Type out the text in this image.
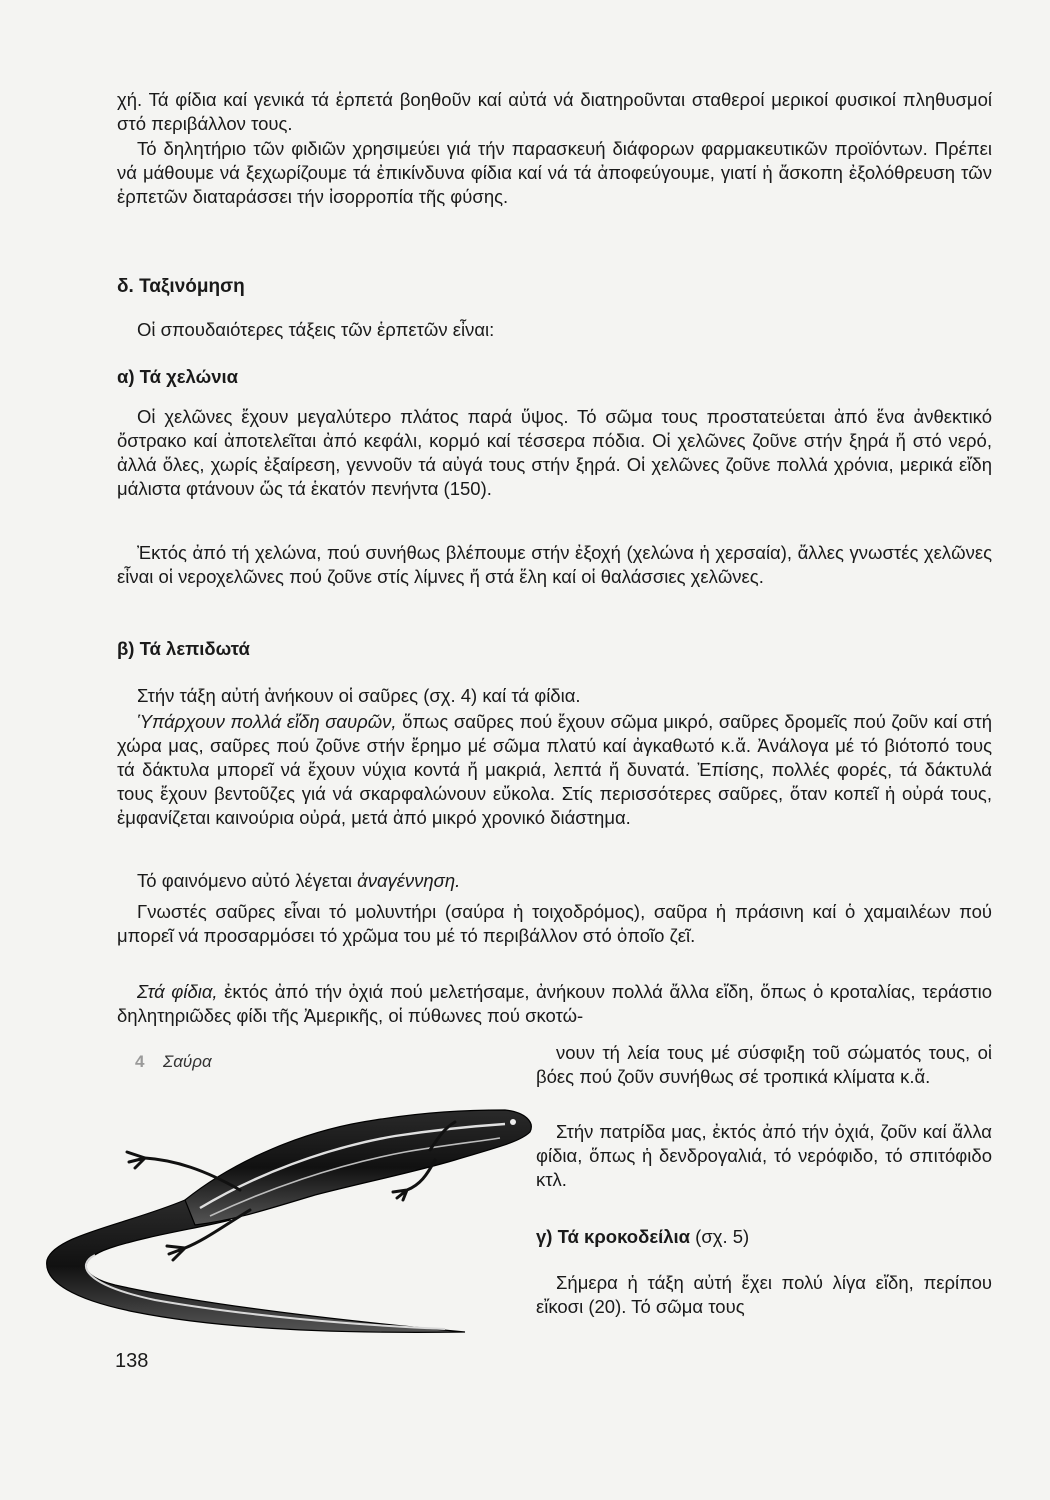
χή. Τά φίδια καί γενικά τά ἑρπετά βοηθοῦν καί αὐτά νά διατηροῦνται σταθεροί μερικοί φυσικοί πληθυσμοί στό περιβάλλον τους.

Τό δηλητήριο τῶν φιδιῶν χρησιμεύει γιά τήν παρασκευή διάφορων φαρμακευτικῶν προϊόντων. Πρέπει νά μάθουμε νά ξεχωρίζουμε τά ἐπικίνδυνα φίδια καί νά τά ἀποφεύγουμε, γιατί ἡ ἄσκοπη ἐξολόθρευση τῶν ἑρπετῶν διαταράσσει τήν ἰσορροπία τῆς φύσης.

δ. Ταξινόμηση

Οἱ σπουδαιότερες τάξεις τῶν ἑρπετῶν εἶναι:

α) Τά χελώνια

Οἱ χελῶνες ἔχουν μεγαλύτερο πλάτος παρά ὕψος. Τό σῶμα τους προστατεύεται ἀπό ἕνα ἀνθεκτικό ὄστρακο καί ἀποτελεῖται ἀπό κεφάλι, κορμό καί τέσσερα πόδια. Οἱ χελῶνες ζοῦνε στήν ξηρά ἤ στό νερό, ἀλλά ὅλες, χωρίς ἐξαίρεση, γεννοῦν τά αὐγά τους στήν ξηρά. Οἱ χελῶνες ζοῦνε πολλά χρόνια, μερικά εἴδη μάλιστα φτάνουν ὥς τά ἑκατόν πενήντα (150).

Ἐκτός ἀπό τή χελώνα, πού συνήθως βλέπουμε στήν ἐξοχή (χελώνα ἡ χερσαία), ἄλλες γνωστές χελῶνες εἶναι οἱ νεροχελῶνες πού ζοῦνε στίς λίμνες ἤ στά ἕλη καί οἱ θαλάσσιες χελῶνες.

β) Τά λεπιδωτά

Στήν τάξη αὐτή ἀνήκουν οἱ σαῦρες (σχ. 4) καί τά φίδια.

Ὑπάρχουν πολλά εἴδη σαυρῶν, ὅπως σαῦρες πού ἔχουν σῶμα μικρό, σαῦρες δρομεῖς πού ζοῦν καί στή χώρα μας, σαῦρες πού ζοῦνε στήν ἔρημο μέ σῶμα πλατύ καί ἀγκαθωτό κ.ἄ. Ἀνάλογα μέ τό βιότοπό τους τά δάκτυλα μπορεῖ νά ἔχουν νύχια κοντά ἤ μακριά, λεπτά ἤ δυνατά. Ἐπίσης, πολλές φορές, τά δάκτυλά τους ἔχουν βεντοῦζες γιά νά σκαρφαλώνουν εὔκολα. Στίς περισσότερες σαῦρες, ὅταν κοπεῖ ἡ οὐρά τους, ἐμφανίζεται καινούρια οὐρά, μετά ἀπό μικρό χρονικό διάστημα.

Τό φαινόμενο αὐτό λέγεται ἀναγέννηση.

Γνωστές σαῦρες εἶναι τό μολυντήρι (σαύρα ἡ τοιχοδρόμος), σαῦρα ἡ πράσινη καί ὁ χαμαιλέων πού μπορεῖ νά προσαρμόσει τό χρῶμα του μέ τό περιβάλλον στό ὁποῖο ζεῖ.

Στά φίδια, ἐκτός ἀπό τήν ὀχιά πού μελετήσαμε, ἀνήκουν πολλά ἄλλα εἴδη, ὅπως ὁ κροταλίας, τεράστιο δηλητηριῶδες φίδι τῆς Ἀμερικῆς, οἱ πύθωνες πού σκοτώ-

4 Σαύρα	νουν τή λεία τους μέ σύσφιξη τοῦ σώματός τους, οἱ βόες πού ζοῦν συνήθως σέ τροπικά κλίματα κ.ἄ.

Στήν πατρίδα μας, ἐκτός ἀπό τήν ὀχιά, ζοῦν καί ἄλλα φίδια, ὅπως ἡ δενδρογαλιά, τό νερόφιδο, τό σπιτόφιδο κτλ.

γ) Τά κροκοδείλια (σχ. 5)

Σήμερα ἡ τάξη αὐτή ἔχει πολύ λίγα εἴδη, περίπου εἴκοσι (20). Τό σῶμα τους

138
